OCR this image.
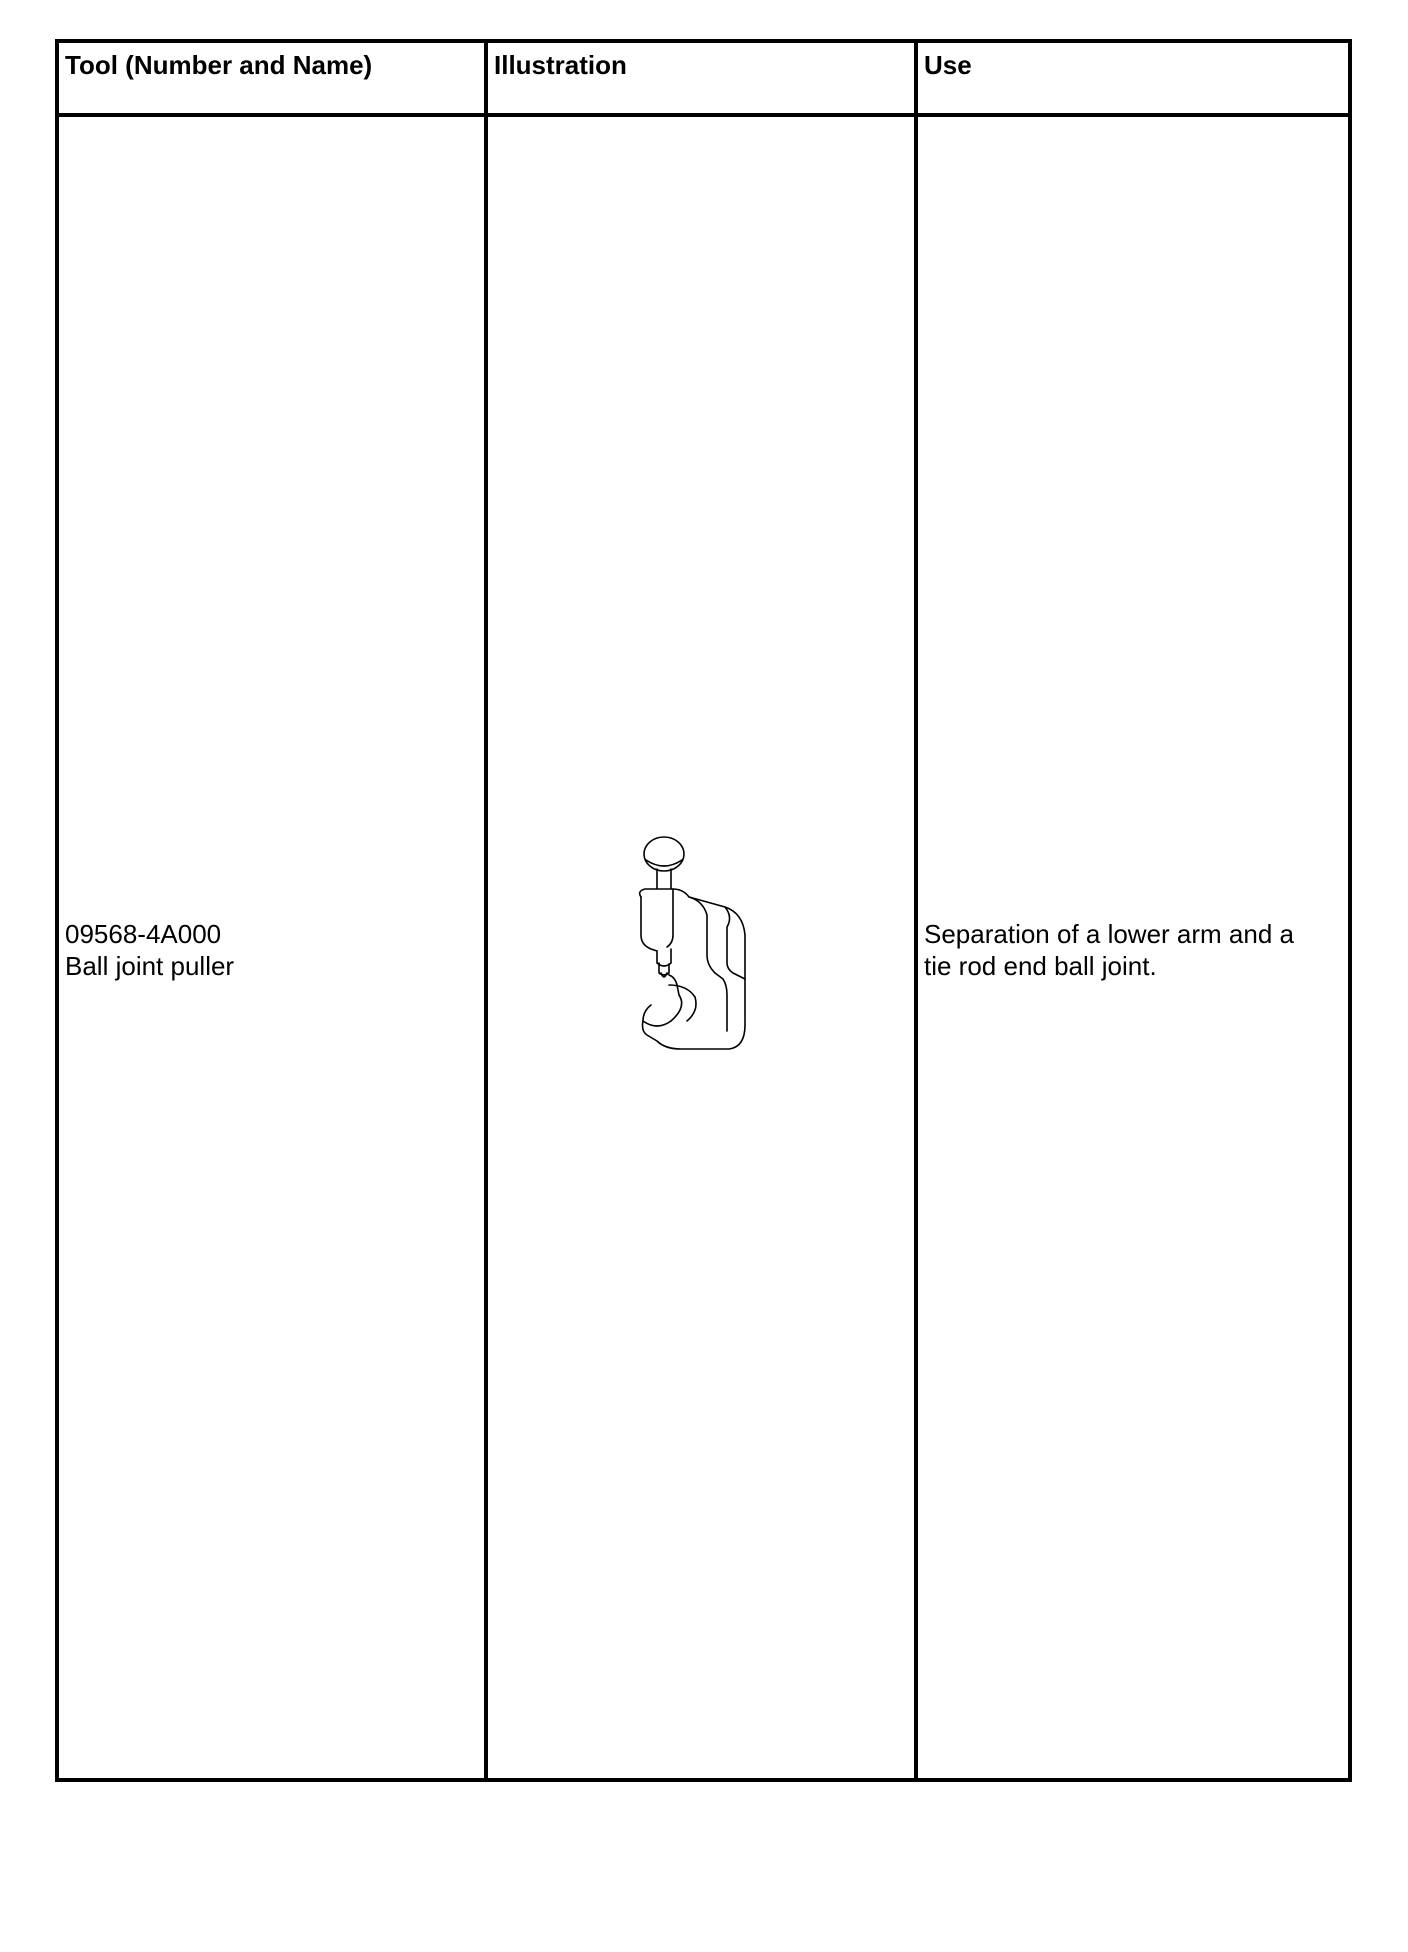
Tool (Number and Name)	Illustration	Use
09568-4A000
Ball joint puller
Separation of a lower arm and a
tie rod end ball joint.
